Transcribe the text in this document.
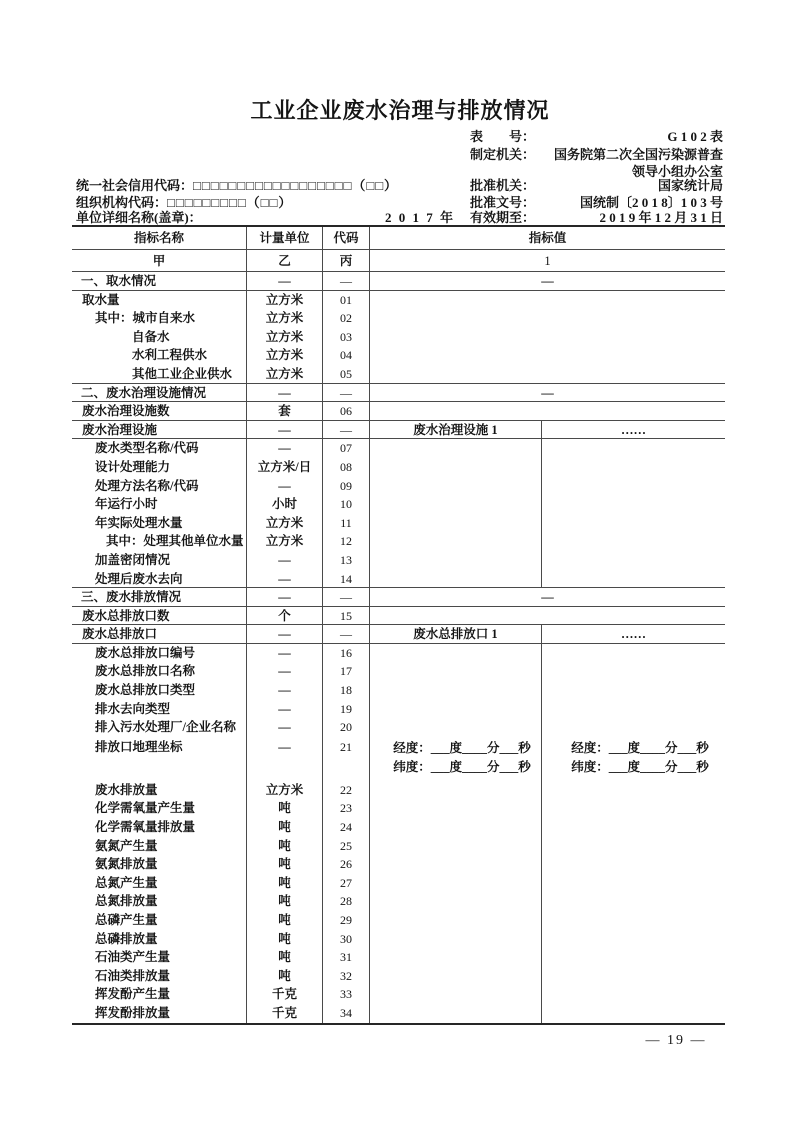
工业企业废水治理与排放情况
表　　号：	G 1 0 2 表
制定机关： 国务院第二次全国污染源普查
领导小组办公室
统一社会信用代码：□□□□□□□□□□□□□□□□□□（□□）	批准机关：	国家统计局
组织机构代码：□□□□□□□□□（□□）	批准文号：	国统制〔2 0 1 8〕1 0 3 号
单位详细名称(盖章)：	2 0 1 7 年 有效期至：	2 0 1 9 年 1 2 月 3 1 日
指标名称	计量单位	代码	指标值
甲	乙	丙	1
一、取水情况	—	—	—
取水量	立方米	01
其中：城市自来水	立方米	02
自备水	立方米	03
水利工程供水	立方米	04
其他工业企业供水	立方米	05
二、废水治理设施情况	—	—	—
废水治理设施数	套	06
废水治理设施	—	—	废水治理设施 1	……
废水类型名称/代码	—	07
设计处理能力	立方米/日	08
处理方法名称/代码	—	09
年运行小时	小时	10
年实际处理水量	立方米	11
其中：处理其他单位水量	立方米	12
加盖密闭情况	—	13
处理后废水去向	—	14
三、废水排放情况	—	—	—
废水总排放口数	个	15
废水总排放口	—	—	废水总排放口 1	……
废水总排放口编号	—	16
废水总排放口名称	—	17
废水总排放口类型	—	18
排水去向类型	—	19
排入污水处理厂/企业名称	—	20
排放口地理坐标	—	21	经度：___度____分___秒
纬度：___度____分___秒
经度：___度____分___秒
纬度：___度____分___秒
废水排放量	立方米	22
化学需氧量产生量	吨	23
化学需氧量排放量	吨	24
氨氮产生量	吨	25
氨氮排放量	吨	26
总氮产生量	吨	27
总氮排放量	吨	28
总磷产生量	吨	29
总磷排放量	吨	30
石油类产生量	吨	31
石油类排放量	吨	32
挥发酚产生量	千克	33
挥发酚排放量	千克	34
— 19 —
